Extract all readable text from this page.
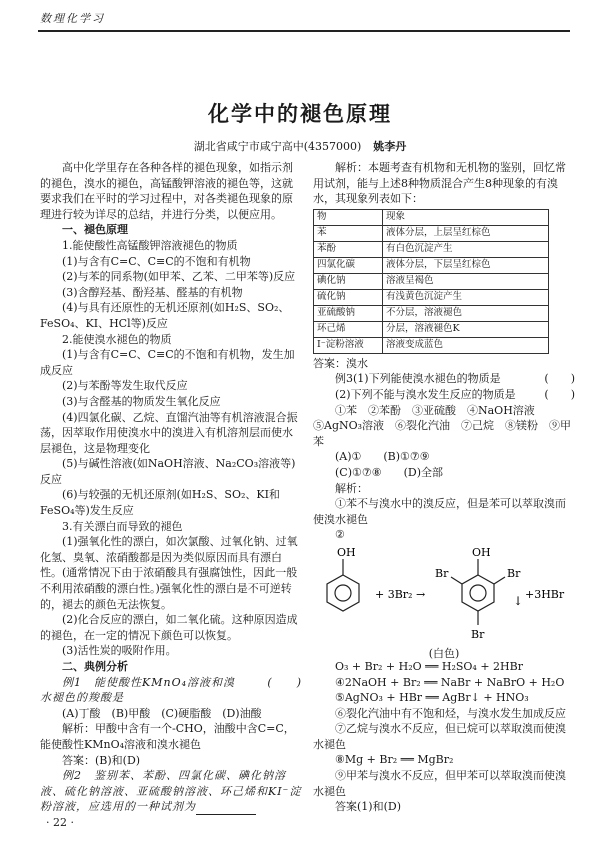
数理化学习
化学中的褪色原理
湖北省咸宁市咸宁高中(4357000) 姚李丹

高中化学里存在各种各样的褪色现象，如指示剂的褪色，溴水的褪色，高锰酸钾溶液的褪色等，这就要求我们在平时的学习过程中，对各类褪色现象的原理进行较为详尽的总结，并进行分类，以便应用。

一、褪色原理

1.能使酸性高锰酸钾溶液褪色的物质

(1)与含有C=C、C≡C的不饱和有机物

(2)与苯的同系物(如甲苯、乙苯、二甲苯等)反应

(3)含醇羟基、酚羟基、醛基的有机物

(4)与具有还原性的无机还原剂(如H₂S、SO₂、FeSO₄、KI、HCl等)反应

2.能使溴水褪色的物质

(1)与含有C=C、C≡C的不饱和有机物，发生加成反应

(2)与苯酚等发生取代反应

(3)与含醛基的物质发生氧化反应

(4)四氯化碳、乙烷、直馏汽油等有机溶液混合振荡，因萃取作用使溴水中的溴进入有机溶剂层而使水层褪色，这是物理变化

(5)与碱性溶液(如NaOH溶液、Na₂CO₃溶液等)反应

(6)与较强的无机还原剂(如H₂S、SO₂、KI和FeSO₄等)发生反应

3.有关漂白而导致的褪色

(1)强氧化性的漂白，如次氯酸、过氧化钠、过氧化氢、臭氧、浓硝酸都是因为类似原因而具有漂白性。(通常情况下由于浓硝酸具有强腐蚀性，因此一般不利用浓硝酸的漂白性。)强氧化性的漂白是不可逆转的，褪去的颜色无法恢复。

(2)化合反应的漂白，如二氧化硫。这种原因造成的褪色，在一定的情况下颜色可以恢复。

(3)活性炭的吸附作用。

二、典例分析

(　　)
例1　能使酸性KMnO₄溶液和溴水褪色的羧酸是

(A)丁酸　(B)甲酸　(C)硬脂酸　(D)油酸

解析：甲酸中含有一个-CHO，油酸中含C=C，能使酸性KMnO₄溶液和溴水褪色

答案：(B)和(D)

例2　鉴别苯、苯酚、四氯化碳、碘化钠溶液、硫化钠溶液、亚硫酸钠溶液、环己烯和KI⁻淀粉溶液，应选用的一种试剂为

解析：本题考查有机物和无机物的鉴别，回忆常用试剂，能与上述8种物质混合产生8种现象的有溴水，其现象列表如下：

物	现象
苯	液体分层，上层呈红棕色
苯酚	有白色沉淀产生
四氯化碳	液体分层，下层呈红棕色
碘化钠	溶液呈褐色
硫化钠	有浅黄色沉淀产生
亚硫酸钠	不分层，溶液褪色
环己烯	分层，溶液褪色K
I⁻淀粉溶液	溶液变成蓝色

答案：溴水

(　　)
例3(1)下列能使溴水褪色的物质是

(　　)
(2)下列不能与溴水发生反应的物质是

①苯　②苯酚　③亚硫酸　④NaOH溶液　⑤AgNO₃溶液　⑥裂化汽油　⑦己烷　⑧镁粉　⑨甲苯

(A)①　　(B)①⑦⑨

(C)①⑦⑧　　(D)全部

解析：

①苯不与溴水中的溴反应，但是苯可以萃取溴而使溴水褪色

②

OH
+ 3Br₂ →
OH
Br	Br
Br
↓ +3HBr
(白色)

O₃ + Br₂ + H₂O ══ H₂SO₄ + 2HBr

④2NaOH + Br₂ ══ NaBr + NaBrO + H₂O

⑤AgNO₃ + HBr ══ AgBr↓ + HNO₃

⑥裂化汽油中有不饱和烃，与溴水发生加成反应

⑦乙烷与溴水不反应，但已烷可以萃取溴而使溴水褪色

⑧Mg + Br₂ ══ MgBr₂

⑨甲苯与溴水不反应，但甲苯可以萃取溴而使溴水褪色

答案(1)和(D)

· 22 ·
